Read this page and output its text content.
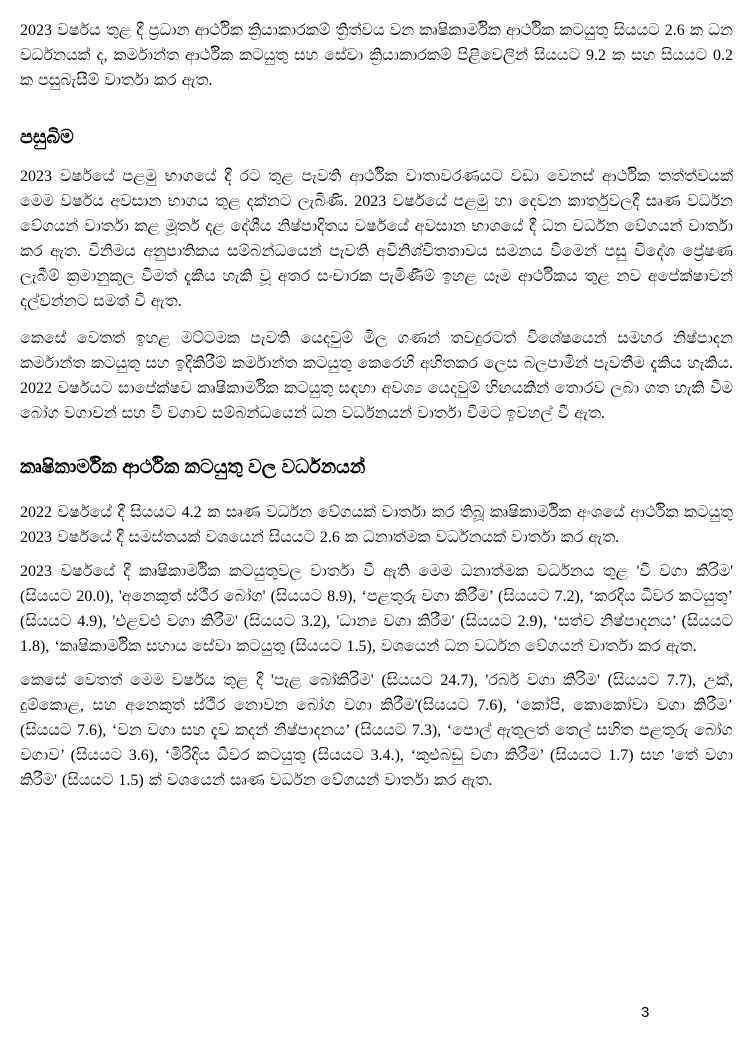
2023 වර්ෂය තුළ දී ප්‍රධාන ආර්ථික ක්‍රියාකාරකම් ත්‍රිත්වය වන කෘෂිකාර්මික ආර්ථික කටයුතු සියයට 2.6 ක ධන වර්ධනයක් ද, කර්මාන්ත ආර්ථික කටයුතු සහ සේවා ක්‍රියාකාරකම් පිළිවෙලින් සියයට 9.2 ක සහ සියයට 0.2 ක පසුබැසීම් වාර්තා කර ඇත.

පසුබිම

2023 වර්ෂයේ පළමු භාගයේ දී රට තුළ පැවති ආර්ථික වාතාවරණයට වඩා වෙනස් ආර්ථික තත්ත්වයක් මෙම වර්ෂය අවසාන භාගය තුළ දක්නට ලැබිණි. 2023 වර්ෂයේ පළමු හා දෙවන කාර්තුවලදී සෘණ වර්ධන වේගයන් වාර්තා කළ මූර්ත දළ දේශීය නිෂ්පාදිතය වර්ෂයේ අවසාන භාගයේ දී ධන වර්ධන වේගයන් වාර්තා කර ඇත. විනිමය අනුපාතිකය සම්බන්ධයෙන් පැවති අවිනිශ්චිතතාවය සමනය වීමෙන් පසු විදේශ ප්‍රේෂණ ලැබීම් ක්‍රමානුකූල වීමත් දැකිය හැකි වූ අතර සංචාරක පැමිණීම් ඉහළ යෑම ආර්ථිකය තුළ නව අපේක්ෂාවන් දල්වන්නට සමත් වී ඇත.

කෙසේ වෙතත් ඉහළ මට්ටමක පැවති යෙදවුම් මිල ගණන් තවදුරටත් විශේෂයෙන් සමහර නිෂ්පාදන කර්මාන්ත කටයුතු සහ ඉදිකිරීම් කර්මාන්ත කටයුතු කෙරෙහි අහිතකර ලෙස බලපාමින් පැවතීම දැකිය හැකිය. 2022 වර්ෂයට සාපේක්ෂව කෘෂිකාර්මික කටයුතු සඳහා අවශ්‍ය යෙදවුම් හිඟයකින් තොරව ලබා ගත හැකි වීම බෝග වගාවන් සහ වී වගාව සම්බන්ධයෙන් ධන වර්ධනයන් වාර්තා වීමට ඉවහල් වී ඇත.

කෘෂිකාර්මික ආර්ථික කටයුතු වල වර්ධනයන්

2022 වර්ෂයේ දී සියයට 4.2 ක සෘණ වර්ධන වේගයක් වාර්තා කර තිබූ කෘෂිකාර්මික අංශයේ ආර්ථික කටයුතු 2023 වර්ෂයේ දී සමස්තයක් වශයෙන් සියයට 2.6 ක ධනාත්මක වර්ධනයක් වාර්තා කර ඇත.

2023 වර්ෂයේ දී කෘෂිකාර්මික කටයුතුවල වාර්තා වී ඇති මෙම ධනාත්මක වර්ධනය තුළ 'වී වගා කිරිම' (සියයට 20.0), 'අනෙකුත් ස්ථීර බෝග' (සියයට 8.9), ‘පළතුරු වගා කිරීම’ (සියයට 7.2), ‘කරදිය ධීවර කටයුතු’ (සියයට 4.9), 'එළවළු වගා කිරීම' (සියයට 3.2), 'ධාන්‍ය වගා කිරීම' (සියයට 2.9), ‘සත්ව නිෂ්පාදනය’ (සියයට 1.8), ‘කෘෂිකාර්මික සහාය සේවා කටයුතු (සියයට 1.5), වශයෙන් ධන වර්ධන වේගයන් වාර්තා කර ඇත.

කෙසේ වෙතත් මෙම වර්ෂය තුළ දී 'පැළ බෝකිරිම' (සියයට 24.7), 'රබර් වගා කිරිම' (සියයට 7.7), උක්, දුම්කොළ, සහ අනෙකුත් ස්ථීර නොවන බෝග වගා කිරීම'(සියයට 7.6), ‘කෝපි, කොකෝවා වගා කිරීම’ (සියයට 7.6), ‘වන වගා සහ දැව කදන් නිෂ්පාදනය’ (සියයට 7.3), ‘පොල් ඇතුලත් තෙල් සහිත පළතුරු බෝග වගාව’ (සියයට 3.6), ‘මිරිදිය ධීවර කටයුතු (සියයට 3.4.), ‘කුළුබඩු වගා කිරීම’ (සියයට 1.7) සහ 'තේ වගා කිරීම' (සියයට 1.5) ක් වශයෙන් සෘණ වර්ධන වේගයන් වාර්තා කර ඇත.

3
